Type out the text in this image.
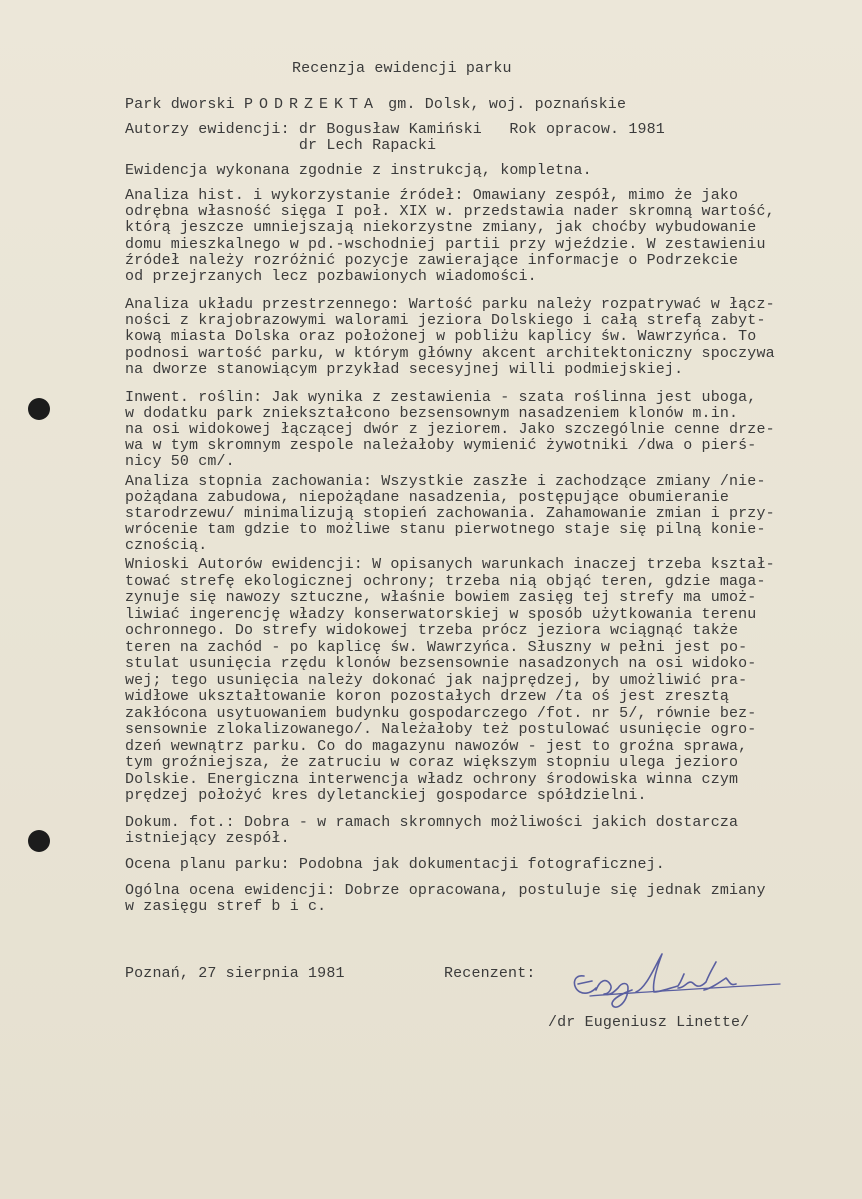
Recenzja ewidencji parku
Park dworski PODRZEKTA gm. Dolsk, woj. poznańskie
Autorzy ewidencji: dr Bogusław Kamiński   Rok opracow. 1981
dr Lech Rapacki
Ewidencja wykonana zgodnie z instrukcją, kompletna.
Analiza hist. i wykorzystanie źródeł: Omawiany zespół, mimo że jako
odrębna własność sięga I poł. XIX w. przedstawia nader skromną wartość,
którą jeszcze umniejszają niekorzystne zmiany, jak choćby wybudowanie
domu mieszkalnego w pd.-wschodniej partii przy wjeździe. W zestawieniu
źródeł należy rozróżnić pozycje zawierające informacje o Podrzekcie
od przejrzanych lecz pozbawionych wiadomości.
Analiza układu przestrzennego: Wartość parku należy rozpatrywać w łącz-
ności z krajobrazowymi walorami jeziora Dolskiego i całą strefą zabyt-
kową miasta Dolska oraz położonej w pobliżu kaplicy św. Wawrzyńca. To
podnosi wartość parku, w którym główny akcent architektoniczny spoczywa
na dworze stanowiącym przykład secesyjnej willi podmiejskiej.
Inwent. roślin: Jak wynika z zestawienia - szata roślinna jest uboga,
w dodatku park zniekształcono bezsensownym nasadzeniem klonów m.in.
na osi widokowej łączącej dwór z jeziorem. Jako szczególnie cenne drze-
wa w tym skromnym zespole należałoby wymienić żywotniki /dwa o pierś-
nicy 50 cm/.
Analiza stopnia zachowania: Wszystkie zaszłe i zachodzące zmiany /nie-
pożądana zabudowa, niepożądane nasadzenia, postępujące obumieranie
starodrzewu/ minimalizują stopień zachowania. Zahamowanie zmian i przy-
wrócenie tam gdzie to możliwe stanu pierwotnego staje się pilną konie-
cznością.
Wnioski Autorów ewidencji: W opisanych warunkach inaczej trzeba kształ-
tować strefę ekologicznej ochrony; trzeba nią objąć teren, gdzie maga-
zynuje się nawozy sztuczne, właśnie bowiem zasięg tej strefy ma umoż-
liwiać ingerencję władzy konserwatorskiej w sposób użytkowania terenu
ochronnego. Do strefy widokowej trzeba prócz jeziora wciągnąć także
teren na zachód - po kaplicę św. Wawrzyńca. Słuszny w pełni jest po-
stulat usunięcia rzędu klonów bezsensownie nasadzonych na osi widoko-
wej; tego usunięcia należy dokonać jak najprędzej, by umożliwić pra-
widłowe ukształtowanie koron pozostałych drzew /ta oś jest zresztą
zakłócona usytuowaniem budynku gospodarczego /fot. nr 5/, równie bez-
sensownie zlokalizowanego/. Należałoby też postulować usunięcie ogro-
dzeń wewnątrz parku. Co do magazynu nawozów - jest to groźna sprawa,
tym groźniejsza, że zatruciu w coraz większym stopniu ulega jezioro
Dolskie. Energiczna interwencja władz ochrony środowiska winna czym
prędzej położyć kres dyletanckiej gospodarce spółdzielni.
Dokum. fot.: Dobra - w ramach skromnych możliwości jakich dostarcza
istniejący zespół.
Ocena planu parku: Podobna jak dokumentacji fotograficznej.
Ogólna ocena ewidencji: Dobrze opracowana, postuluje się jednak zmiany
w zasięgu stref b i c.
Poznań, 27 sierpnia 1981	Recenzent:
/dr Eugeniusz Linette/
